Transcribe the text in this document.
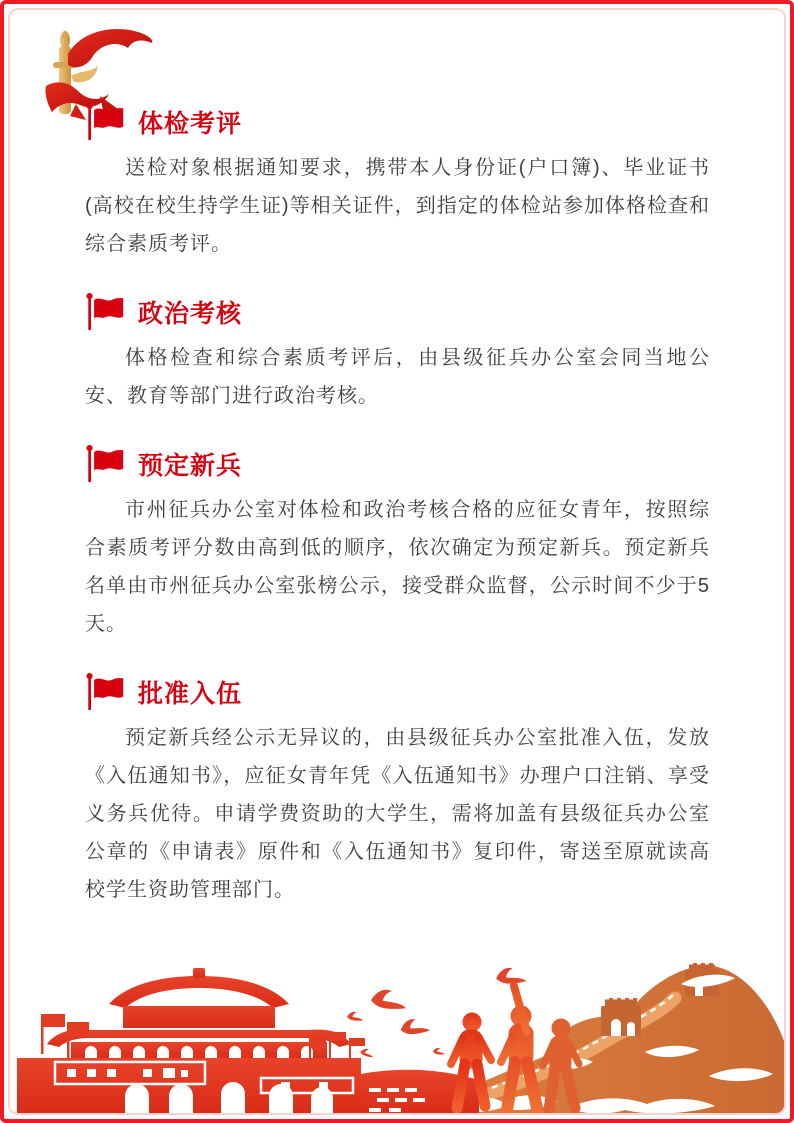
体检考评

送检对象根据通知要求，携带本人身份证(户口簿)、毕业证书(高校在校生持学生证)等相关证件，到指定的体检站参加体格检查和综合素质考评。

政治考核

体格检查和综合素质考评后，由县级征兵办公室会同当地公安、教育等部门进行政治考核。

预定新兵

市州征兵办公室对体检和政治考核合格的应征女青年，按照综合素质考评分数由高到低的顺序，依次确定为预定新兵。预定新兵名单由市州征兵办公室张榜公示，接受群众监督，公示时间不少于5天。

批准入伍

预定新兵经公示无异议的，由县级征兵办公室批准入伍，发放《入伍通知书》，应征女青年凭《入伍通知书》办理户口注销、享受义务兵优待。申请学费资助的大学生，需将加盖有县级征兵办公室公章的《申请表》原件和《入伍通知书》复印件，寄送至原就读高校学生资助管理部门。
